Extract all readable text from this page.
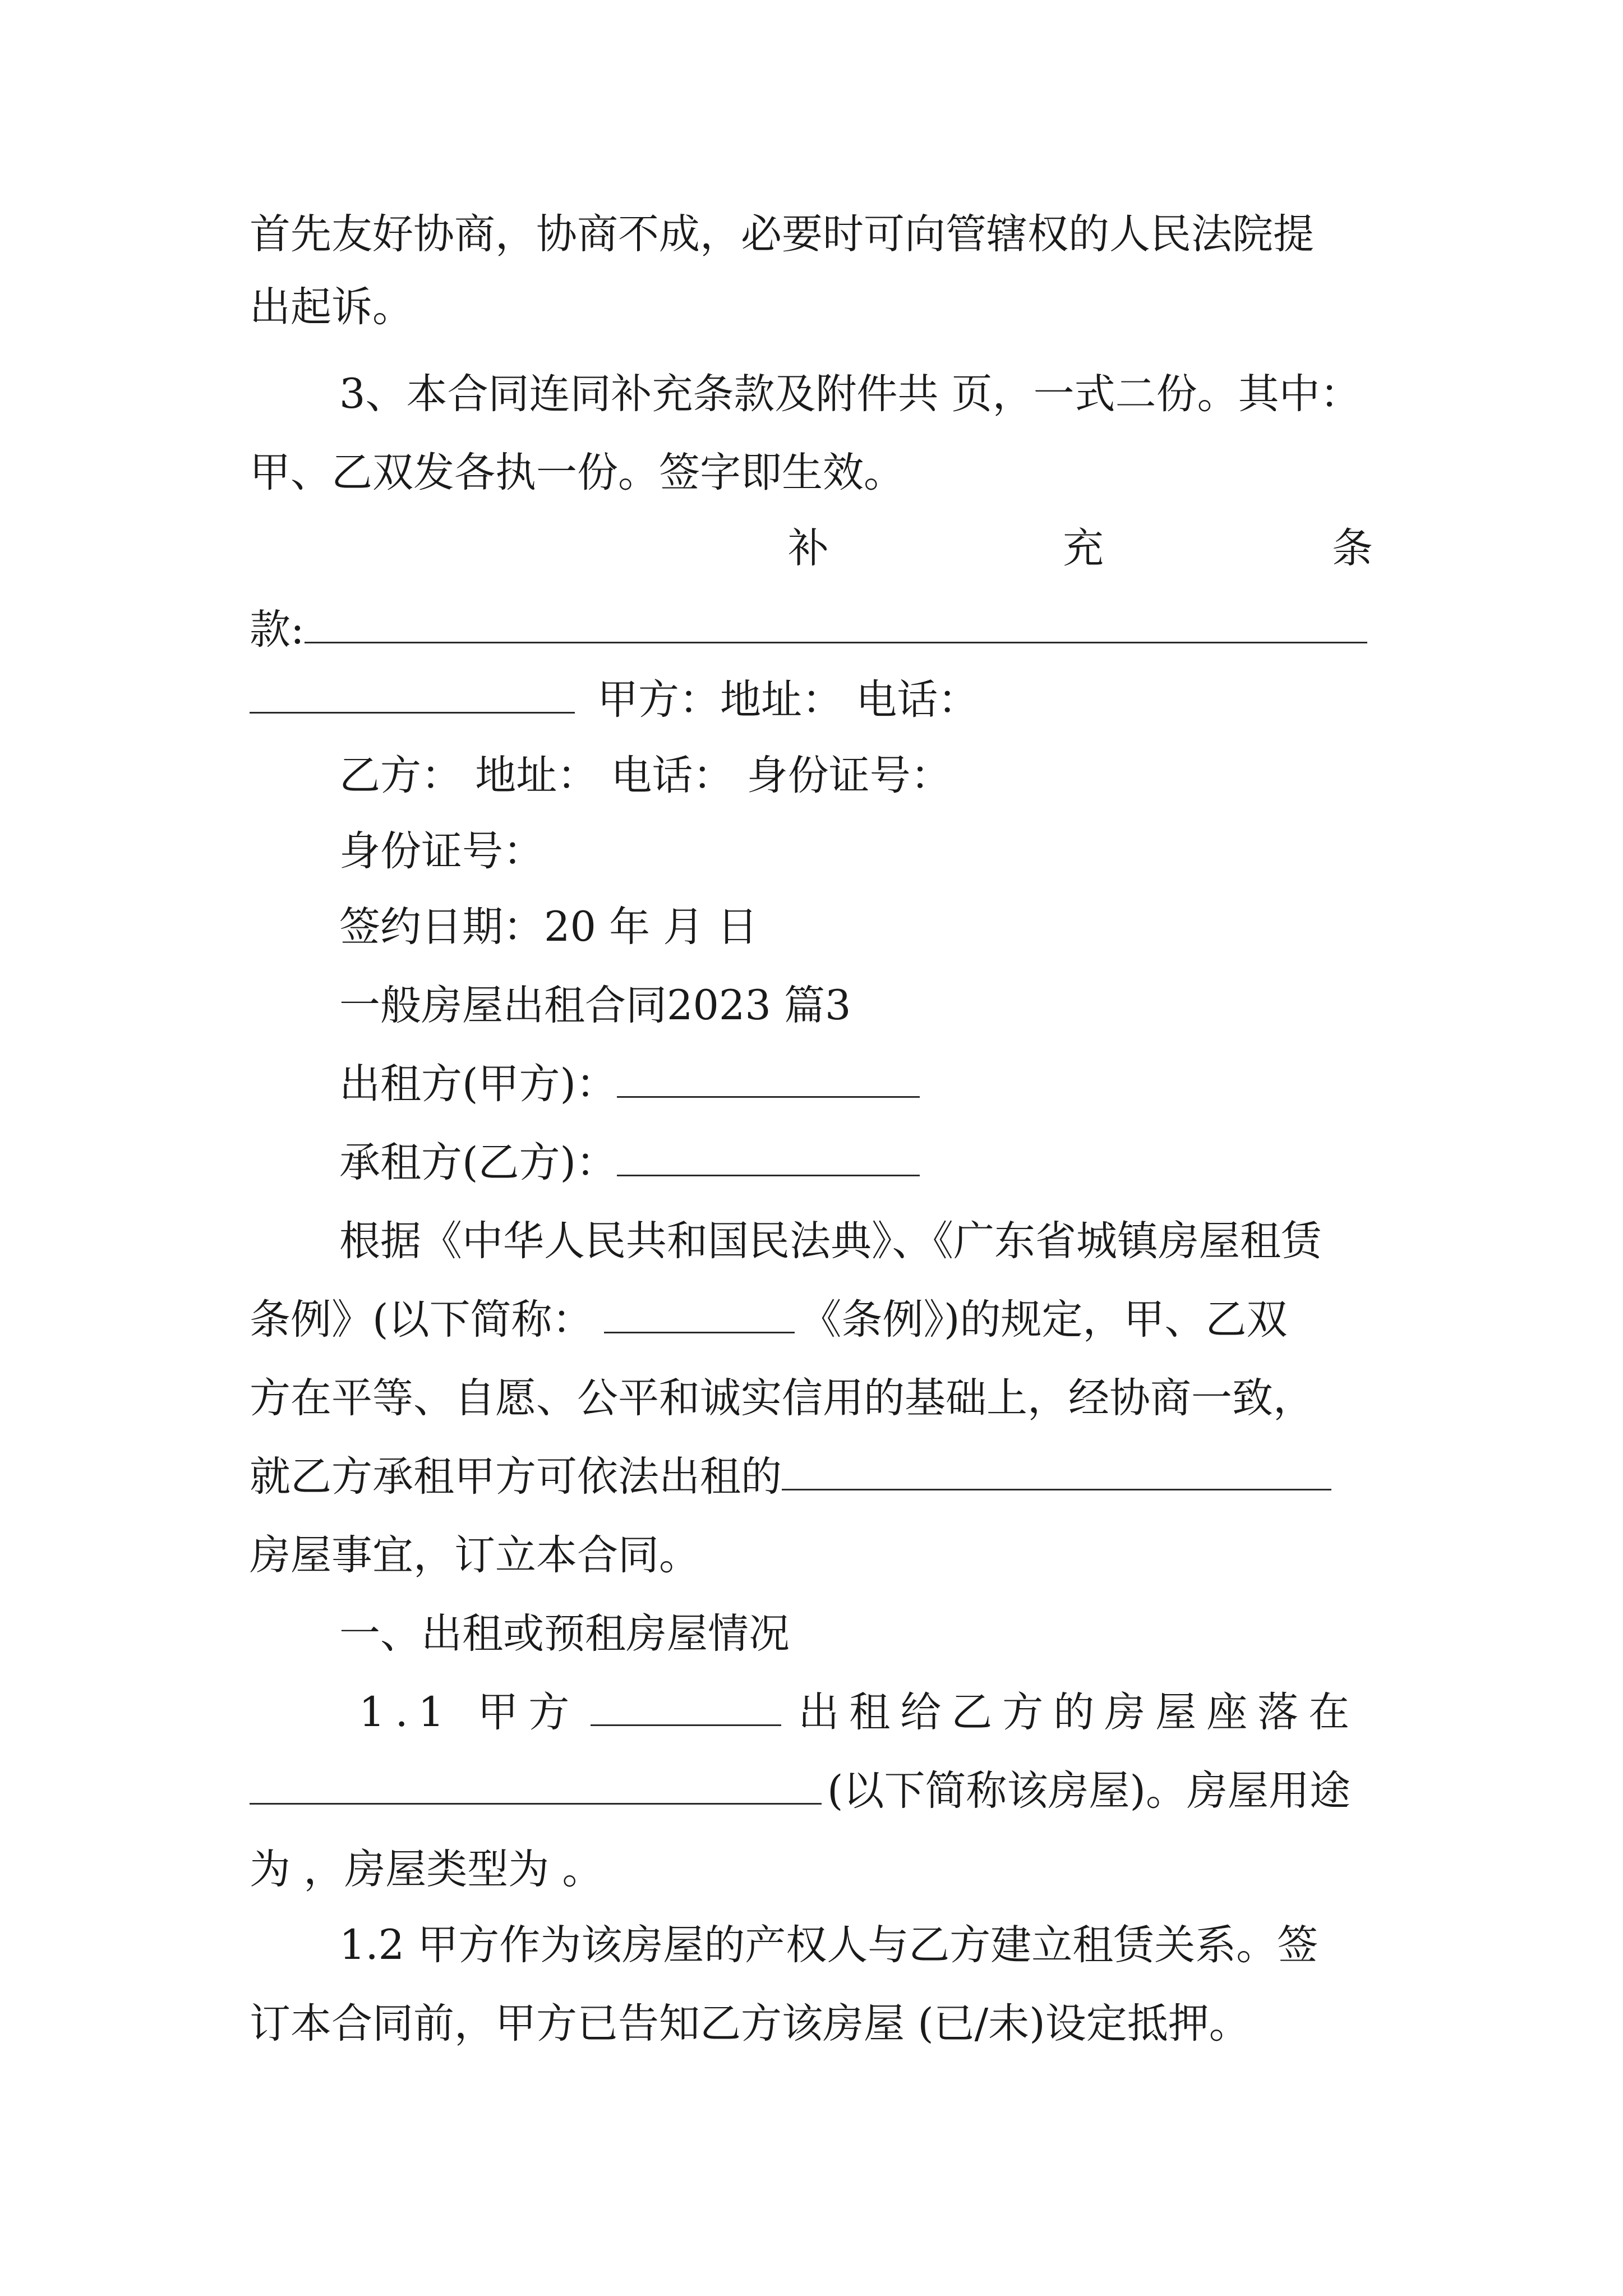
首先友好协商，协商不成，必要时可向管辖权的人民法院提
出起诉。
3、本合同连同补充条款及附件共 页，一式二份。其中：
甲、乙双发各执一份。签字即生效。
补	充	条
款:
甲方：地址： 电话：
乙方： 地址： 电话： 身份证号：
身份证号：
签约日期：20 年 月 日
一般房屋出租合同2023 篇3
出租方(甲方)：
承租方(乙方)：
根据《中华人民共和国民法典》、《广东省城镇房屋租赁
条例》(以下简称：	《条例》)的规定，甲、乙双
方在平等、自愿、公平和诚实信用的基础上，经协商一致，
就乙方承租甲方可依法出租的
房屋事宜，订立本合同。
一、出租或预租房屋情况
1.1 甲方	出租给乙方的房屋座落在
(以下简称该房屋)。房屋用途
为 ，房屋类型为 。
1.2 甲方作为该房屋的产权人与乙方建立租赁关系。签
订本合同前，甲方已告知乙方该房屋 (已/未)设定抵押。
